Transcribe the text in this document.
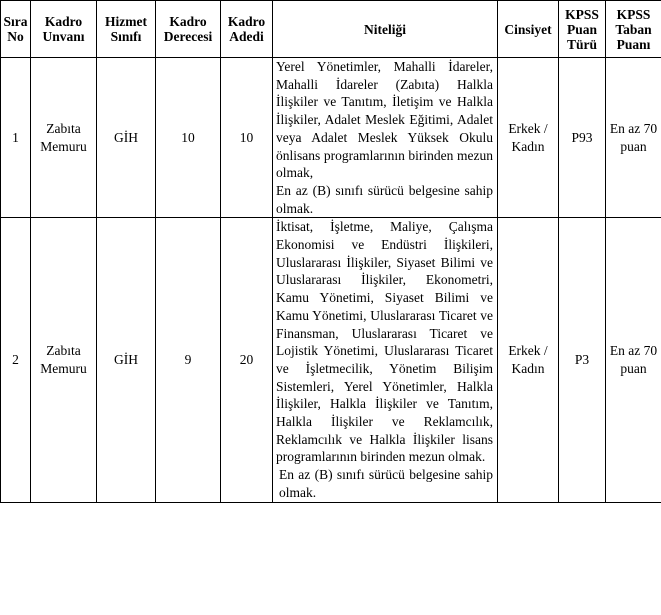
Sıra No	Kadro Unvanı	Hizmet Sınıfı	Kadro Derecesi	Kadro Adedi	Niteliği	Cinsiyet	KPSS Puan Türü	KPSS Taban Puanı
1	Zabıta Memuru	GİH	10	10	Yerel Yönetimler, Mahalli İdareler, Mahalli İdareler (Zabıta) Halkla İlişkiler ve Tanıtım, İletişim ve Halkla İlişkiler, Adalet Meslek Eğitimi, Adalet veya Adalet Meslek Yüksek Okulu önlisans programlarının birinden mezun olmak,

En az (B) sınıfı sürücü belgesine sahip olmak.	Erkek / Kadın	P93	En az 70 puan
2	Zabıta Memuru	GİH	9	20	İktisat, İşletme, Maliye, Çalışma Ekonomisi ve Endüstri İlişkileri, Uluslararası İlişkiler, Siyaset Bilimi ve Uluslararası İlişkiler, Ekonometri, Kamu Yönetimi, Siyaset Bilimi ve Kamu Yönetimi, Uluslararası Ticaret ve Finansman, Uluslararası Ticaret ve Lojistik Yönetimi, Uluslararası Ticaret ve İşletmecilik, Yönetim Bilişim Sistemleri, Yerel Yönetimler, Halkla İlişkiler, Halkla İlişkiler ve Tanıtım, Halkla İlişkiler ve Reklamcılık, Reklamcılık ve Halkla İlişkiler lisans programlarının birinden mezun olmak.

En az (B) sınıfı sürücü belgesine sahip olmak.	Erkek / Kadın	P3	En az 70 puan
